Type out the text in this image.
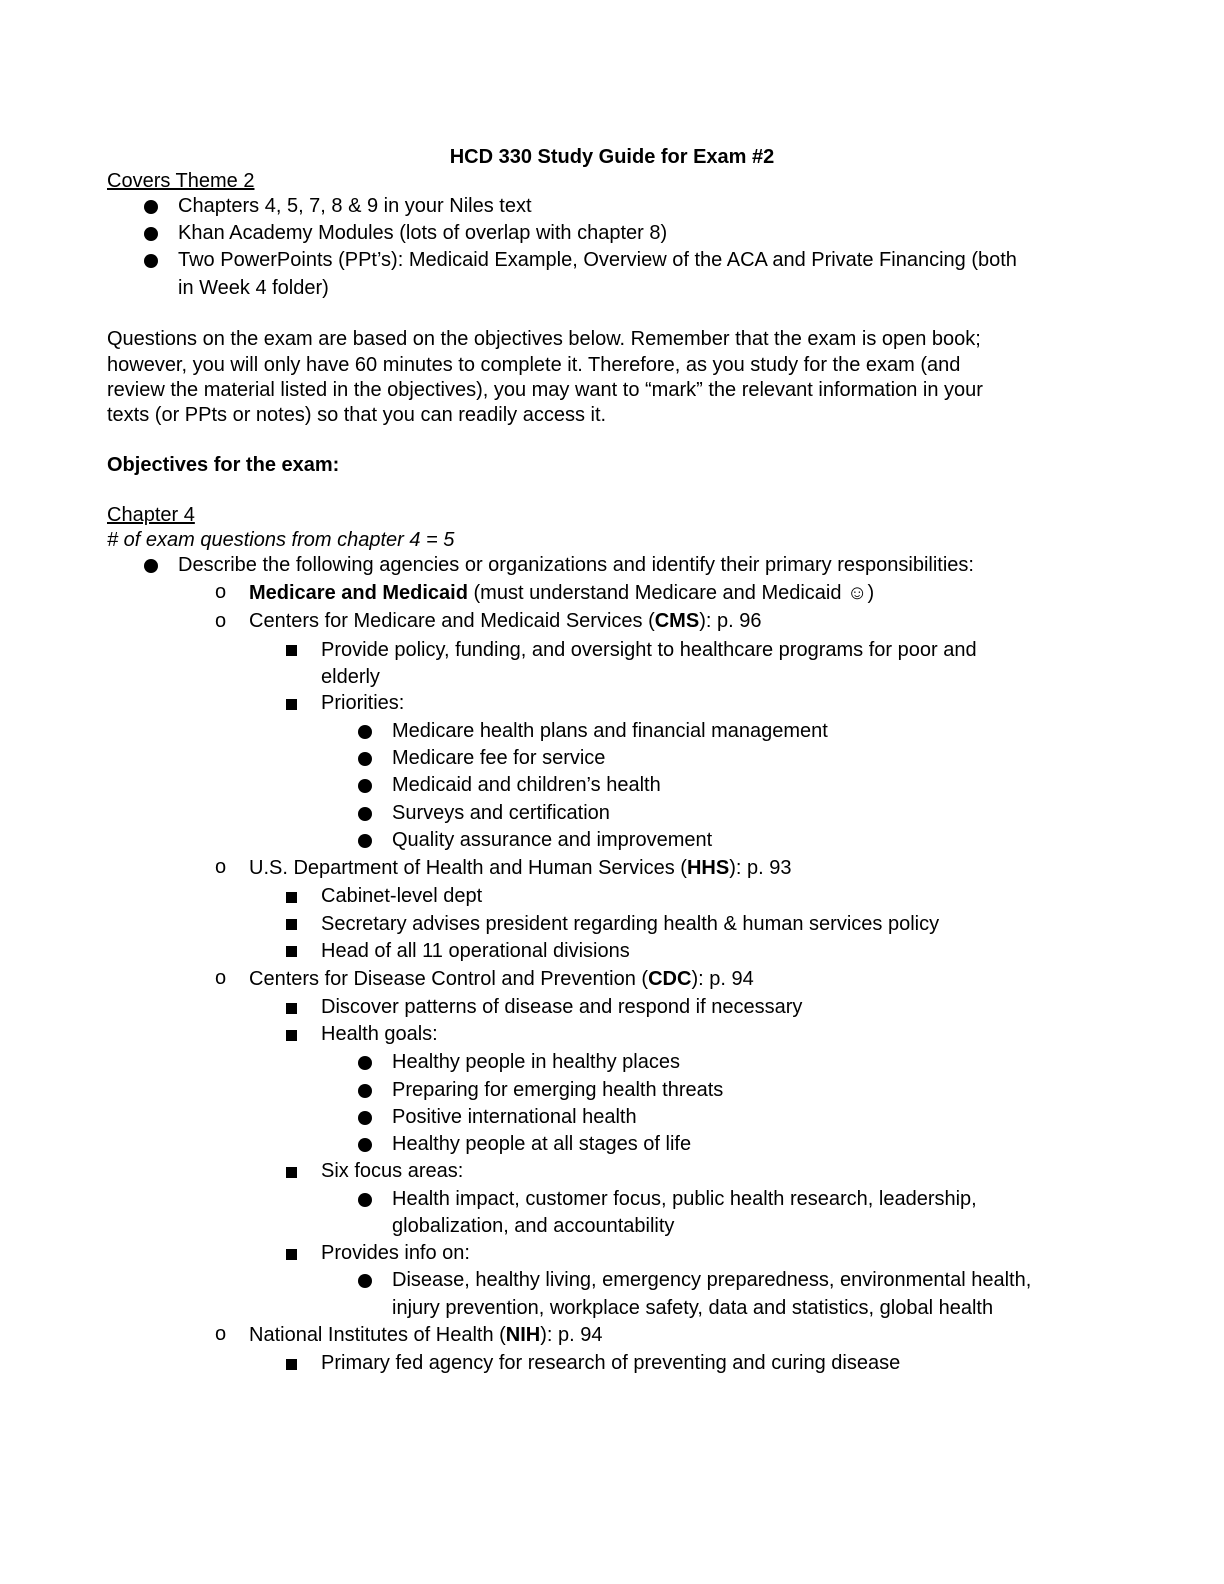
HCD 330 Study Guide for Exam #2
Covers Theme 2
Chapters 4, 5, 7, 8 & 9 in your Niles text
Khan Academy Modules (lots of overlap with chapter 8)
Two PowerPoints (PPt’s): Medicaid Example, Overview of the ACA and Private Financing (both
in Week 4 folder)
Questions on the exam are based on the objectives below. Remember that the exam is open book;
however, you will only have 60 minutes to complete it. Therefore, as you study for the exam (and
review the material listed in the objectives), you may want to “mark” the relevant information in your
texts (or PPts or notes) so that you can readily access it.
Objectives for the exam:
Chapter 4
# of exam questions from chapter 4 = 5
Describe the following agencies or organizations and identify their primary responsibilities:
o Medicare and Medicaid (must understand Medicare and Medicaid ☺)
o Centers for Medicare and Medicaid Services (CMS): p. 96
Provide policy, funding, and oversight to healthcare programs for poor and
elderly
Priorities:
Medicare health plans and financial management
Medicare fee for service
Medicaid and children’s health
Surveys and certification
Quality assurance and improvement
o U.S. Department of Health and Human Services (HHS): p. 93
Cabinet-level dept
Secretary advises president regarding health & human services policy
Head of all 11 operational divisions
o Centers for Disease Control and Prevention (CDC): p. 94
Discover patterns of disease and respond if necessary
Health goals:
Healthy people in healthy places
Preparing for emerging health threats
Positive international health
Healthy people at all stages of life
Six focus areas:
Health impact, customer focus, public health research, leadership,
globalization, and accountability
Provides info on:
Disease, healthy living, emergency preparedness, environmental health,
injury prevention, workplace safety, data and statistics, global health
o National Institutes of Health (NIH): p. 94
Primary fed agency for research of preventing and curing disease
